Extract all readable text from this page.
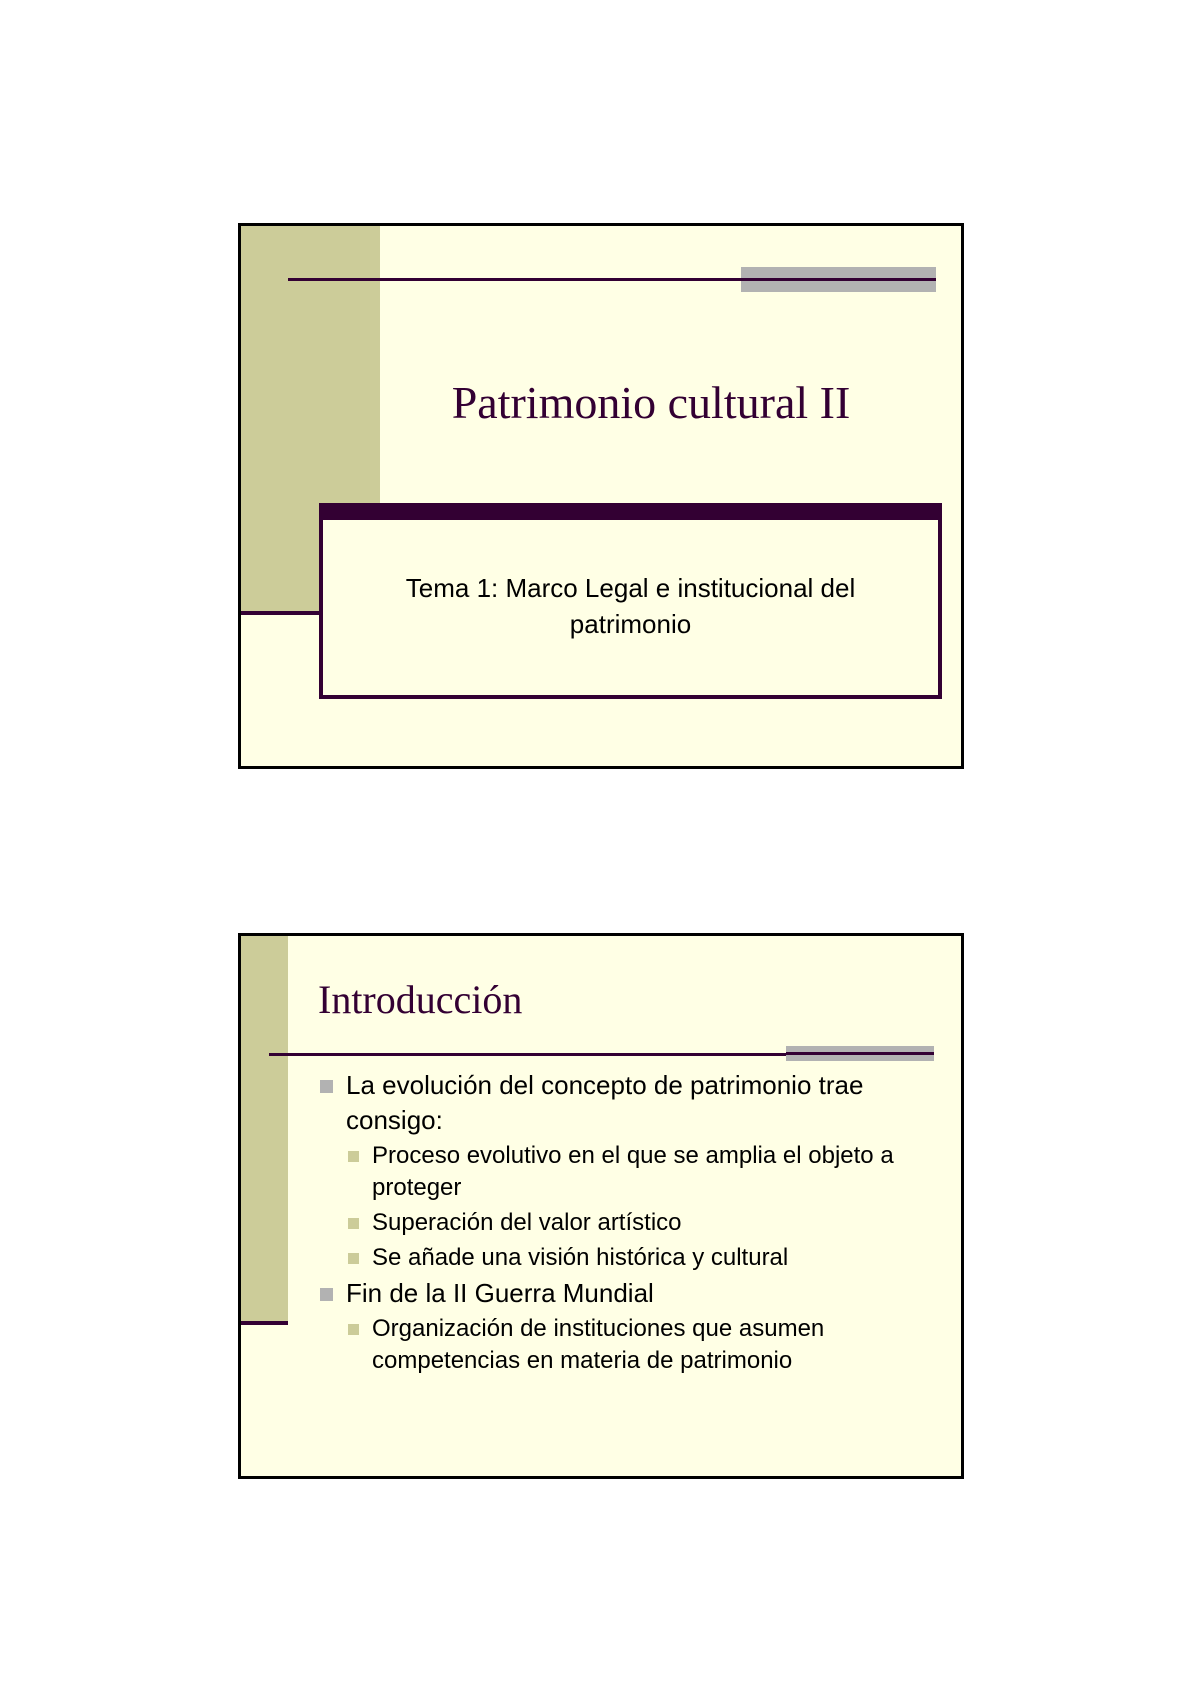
Patrimonio cultural II
Tema 1: Marco Legal e institucional del
patrimonio
Introducción
La evolución del concepto de patrimonio trae consigo:
Proceso evolutivo en el que se amplia el objeto a proteger
Superación del valor artístico
Se añade una visión histórica y cultural
Fin de la II Guerra Mundial
Organización de instituciones que asumen competencias en materia de patrimonio
